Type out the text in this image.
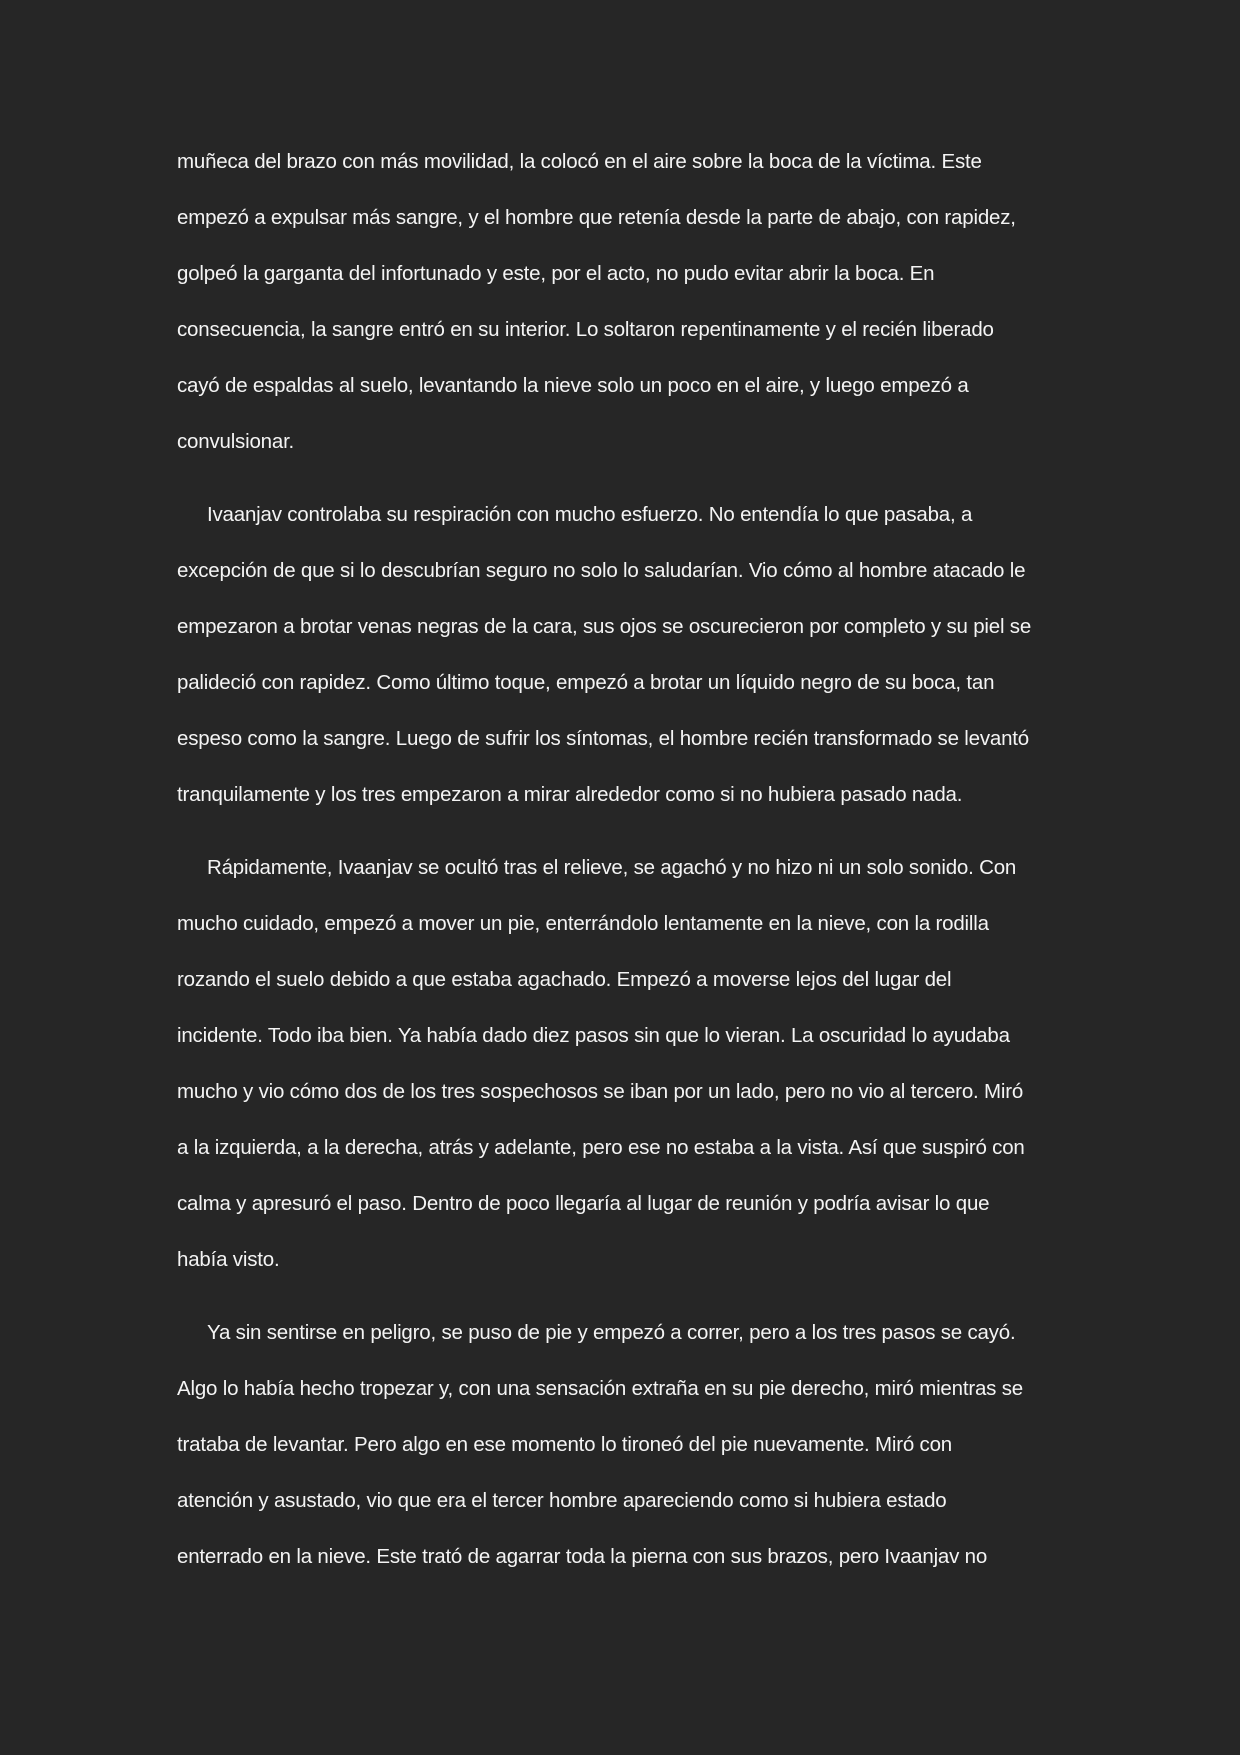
muñeca del brazo con más movilidad, la colocó en el aire sobre la boca de la víctima. Este
empezó a expulsar más sangre, y el hombre que retenía desde la parte de abajo, con rapidez,
golpeó la garganta del infortunado y este, por el acto, no pudo evitar abrir la boca. En
consecuencia, la sangre entró en su interior. Lo soltaron repentinamente y el recién liberado
cayó de espaldas al suelo, levantando la nieve solo un poco en el aire, y luego empezó a
convulsionar.
Ivaanjav controlaba su respiración con mucho esfuerzo. No entendía lo que pasaba, a
excepción de que si lo descubrían seguro no solo lo saludarían. Vio cómo al hombre atacado le
empezaron a brotar venas negras de la cara, sus ojos se oscurecieron por completo y su piel se
palideció con rapidez. Como último toque, empezó a brotar un líquido negro de su boca, tan
espeso como la sangre. Luego de sufrir los síntomas, el hombre recién transformado se levantó
tranquilamente y los tres empezaron a mirar alrededor como si no hubiera pasado nada.
Rápidamente, Ivaanjav se ocultó tras el relieve, se agachó y no hizo ni un solo sonido. Con
mucho cuidado, empezó a mover un pie, enterrándolo lentamente en la nieve, con la rodilla
rozando el suelo debido a que estaba agachado. Empezó a moverse lejos del lugar del
incidente. Todo iba bien. Ya había dado diez pasos sin que lo vieran. La oscuridad lo ayudaba
mucho y vio cómo dos de los tres sospechosos se iban por un lado, pero no vio al tercero. Miró
a la izquierda, a la derecha, atrás y adelante, pero ese no estaba a la vista. Así que suspiró con
calma y apresuró el paso. Dentro de poco llegaría al lugar de reunión y podría avisar lo que
había visto.
Ya sin sentirse en peligro, se puso de pie y empezó a correr, pero a los tres pasos se cayó.
Algo lo había hecho tropezar y, con una sensación extraña en su pie derecho, miró mientras se
trataba de levantar. Pero algo en ese momento lo tironeó del pie nuevamente. Miró con
atención y asustado, vio que era el tercer hombre apareciendo como si hubiera estado
enterrado en la nieve. Este trató de agarrar toda la pierna con sus brazos, pero Ivaanjav no
